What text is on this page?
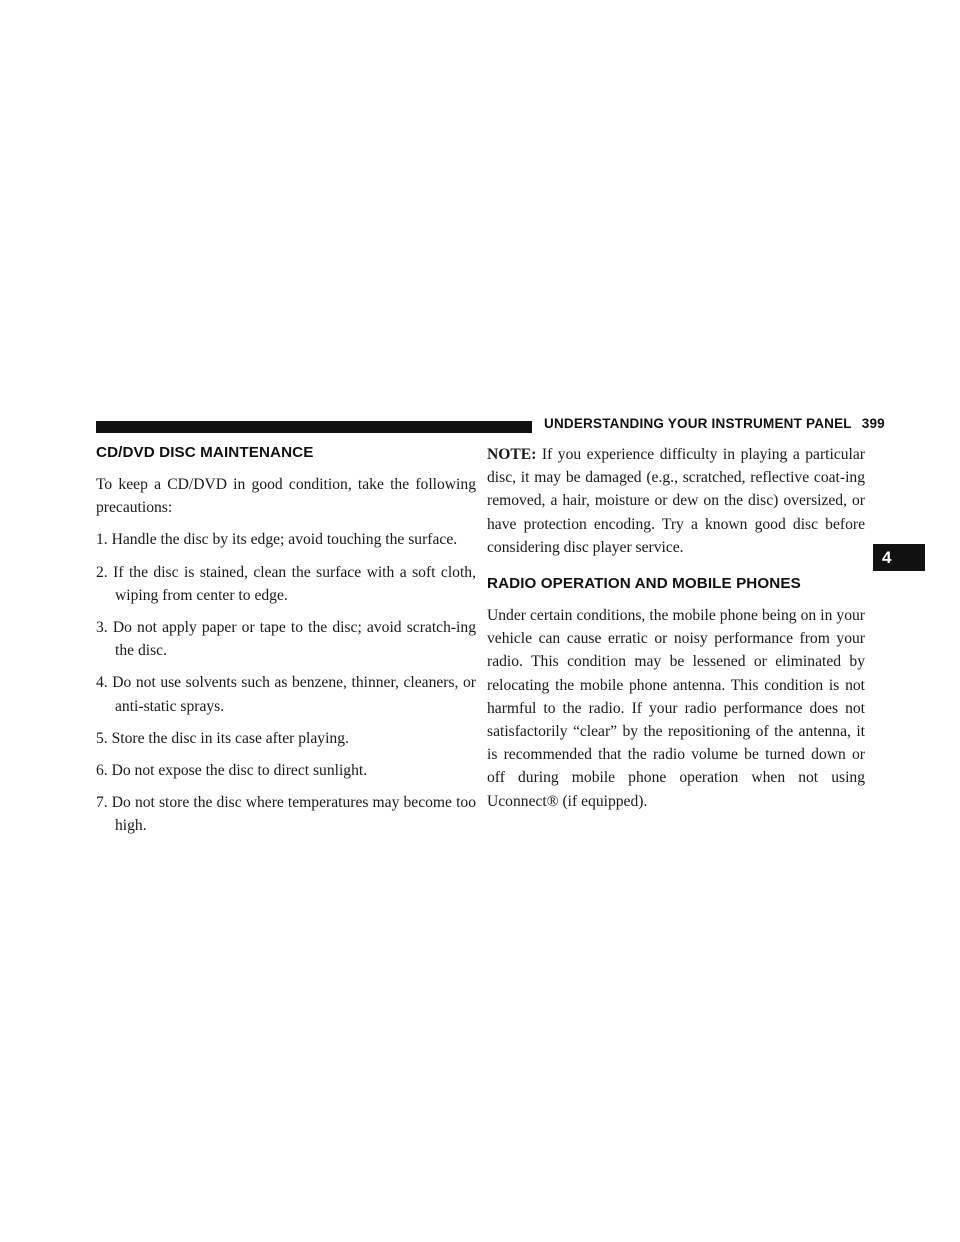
UNDERSTANDING YOUR INSTRUMENT PANEL 399
4
CD/DVD DISC MAINTENANCE

To keep a CD/DVD in good condition, take the following precautions:

1. Handle the disc by its edge; avoid touching the surface.
2. If the disc is stained, clean the surface with a soft cloth, wiping from center to edge.
3. Do not apply paper or tape to the disc; avoid scratch-ing the disc.
4. Do not use solvents such as benzene, thinner, cleaners, or anti-static sprays.
5. Store the disc in its case after playing.
6. Do not expose the disc to direct sunlight.
7. Do not store the disc where temperatures may become too high.

NOTE: If you experience difficulty in playing a particular disc, it may be damaged (e.g., scratched, reflective coat-ing removed, a hair, moisture or dew on the disc) oversized, or have protection encoding. Try a known good disc before considering disc player service.

RADIO OPERATION AND MOBILE PHONES

Under certain conditions, the mobile phone being on in your vehicle can cause erratic or noisy performance from your radio. This condition may be lessened or eliminated by relocating the mobile phone antenna. This condition is not harmful to the radio. If your radio performance does not satisfactorily “clear” by the repositioning of the antenna, it is recommended that the radio volume be turned down or off during mobile phone operation when not using Uconnect® (if equipped).
